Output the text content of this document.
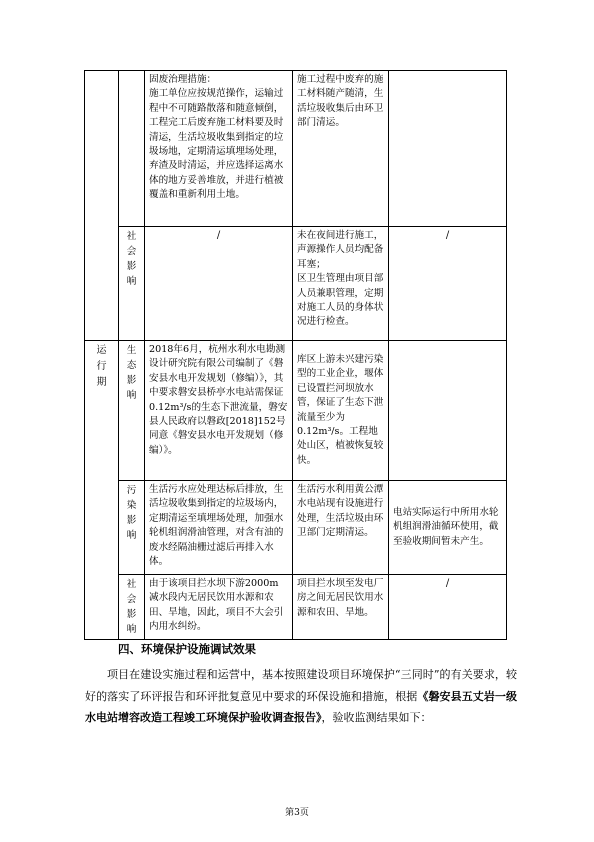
		固废治理措施：
施工单位应按规范操作，运输过程中不可随路散落和随意倾倒，工程完工后废弃施工材料要及时清运，生活垃圾收集到指定的垃圾场地，定期清运填埋场处理，弃渣及时清运，并应选择运离水体的地方妥善堆放，并进行植被覆盖和重新利用土地。	施工过程中废弃的施工材料随产随清，生活垃圾收集后由环卫部门清运。	
	社会影响	/	未在夜间进行施工，声源操作人员均配备耳塞；
区卫生管理由项目部人员兼职管理，定期对施工人员的身体状况进行检查。	/
运行期	生态影响	2018年6月，杭州水利水电勘测设计研究院有限公司编制了《磐安县水电开发规划（修编）》，其中要求磐安县桥亭水电站需保证0.12m³/s的生态下泄流量，磐安县人民政府以磐政[2018]152号同意《磐安县水电开发规划（修编）》。	库区上游未兴建污染型的工业企业，堰体已设置拦河坝放水管，保证了生态下泄流量至少为0.12m³/s。工程地处山区，植被恢复较快。	
	污染影响	生活污水应处理达标后排放，生活垃圾收集到指定的垃圾场内，定期清运至填埋场处理，加强水轮机组润滑油管理，对含有油的废水经隔油栅过滤后再排入水体。	生活污水利用黄公潭水电站现有设施进行处理，生活垃圾由环卫部门定期清运。	电站实际运行中所用水轮机组润滑油循环使用，截至验收期间暂未产生。
	社会影响	由于该项目拦水坝下游2000m减水段内无居民饮用水源和农田、旱地，因此，项目不大会引内用水纠纷。	项目拦水坝至发电厂房之间无居民饮用水源和农田、旱地。	/
四、环境保护设施调试效果
项目在建设实施过程和运营中，基本按照建设项目环境保护“三同时”的有关要求，较好的落实了环评报告和环评批复意见中要求的环保设施和措施，根据《磐安县五丈岩一级水电站增容改造工程竣工环境保护验收调查报告》，验收监测结果如下：
第3页
